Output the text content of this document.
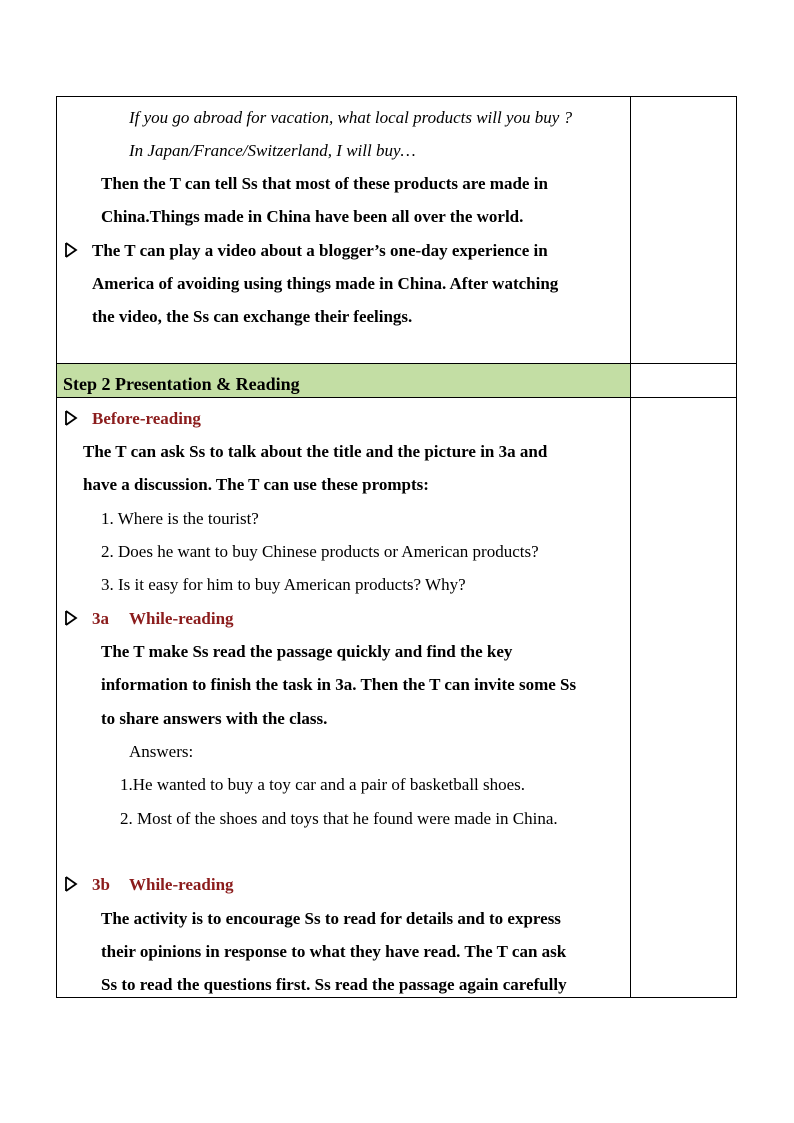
If you go abroad for vacation, what local products will you buy ?
In Japan/France/Switzerland, I will buy…
Then the T can tell Ss that most of these products are made in
China.Things made in China have been all over the world.
The T can play a video about a blogger’s one-day experience in
America of avoiding using things made in China. After watching
the video, the Ss can exchange their feelings.
Step 2 Presentation & Reading
Before-reading
The T can ask Ss to talk about the title and the picture in 3a and
have a discussion. The T can use these prompts:
1. Where is the tourist?
2. Does he want to buy Chinese products or American products?
3. Is it easy for him to buy American products? Why?
3a While-reading
The T make Ss read the passage quickly and find the key
information to finish the task in 3a. Then the T can invite some Ss
to share answers with the class.
Answers:
1.He wanted to buy a toy car and a pair of basketball shoes.
2. Most of the shoes and toys that he found were made in China.
3b While-reading
The activity is to encourage Ss to read for details and to express
their opinions in response to what they have read. The T can ask
Ss to read the questions first. Ss read the passage again carefully
